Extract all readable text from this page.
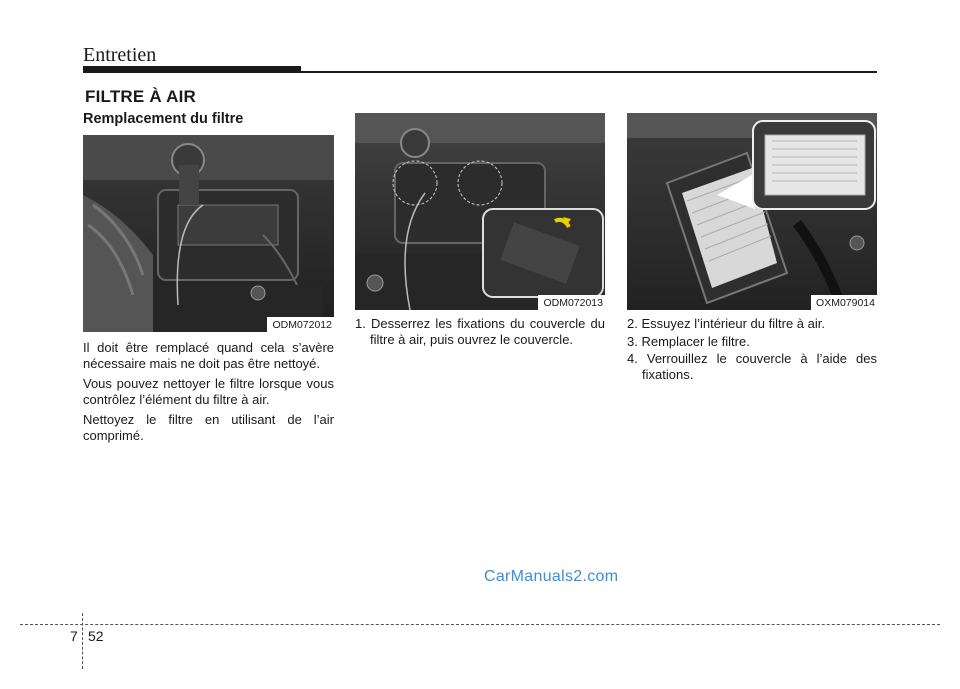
Entretien
FILTRE À AIR
Remplacement du filtre
ODM072012
ODM072013	OXM079014

Il doit être remplacé quand cela s’avère nécessaire mais ne doit pas être nettoyé.

Vous pouvez nettoyer le filtre lorsque vous contrôlez l’élément du filtre à air.

Nettoyez le filtre en utilisant de l’air comprimé.

1. Desserrez les fixations du couvercle du filtre à air, puis ouvrez le couvercle.
2. Essuyez l’intérieur du filtre à air.
3. Remplacer le filtre.
4. Verrouillez le couvercle à l’aide des fixations.
CarManuals2.com
7 52
